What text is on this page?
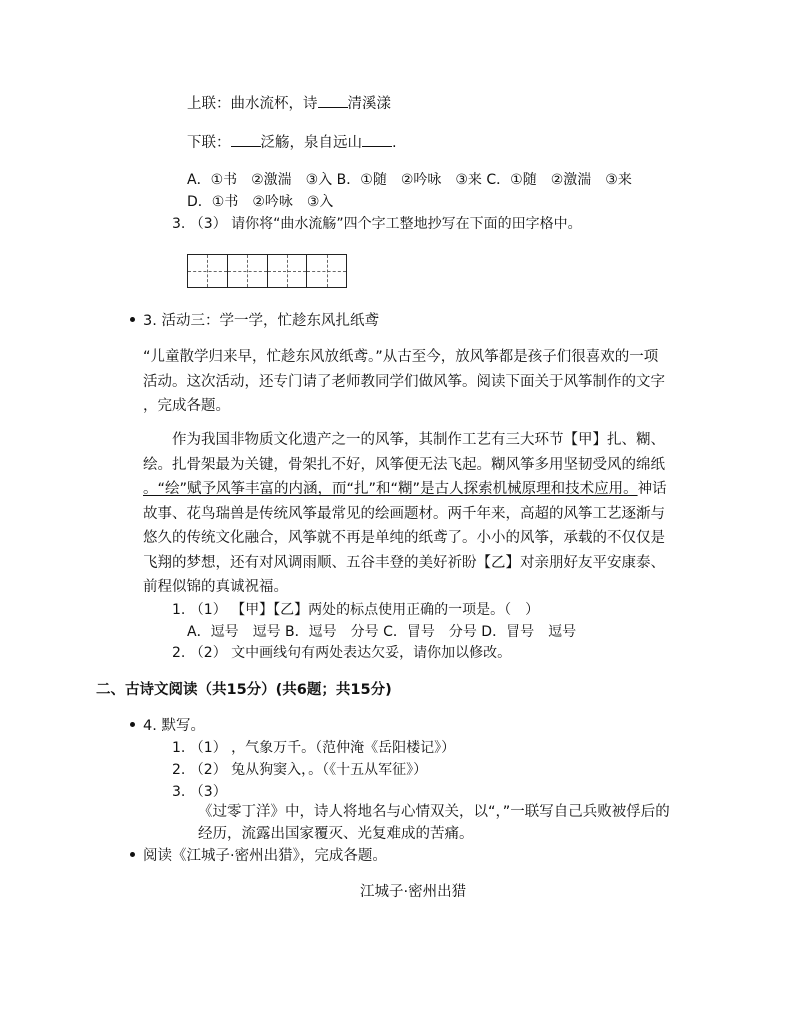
上联：曲水流杯，诗 清溪漾
下联： 泛觞，泉自远山 .
A．①书　②激湍　③入 B．①随　②吟咏　③来 C．①随　②激湍　③来
D．①书　②吟咏　③入
3. （3） 请你将“曲水流觞”四个字工整地抄写在下面的田字格中。
3. 活动三：学一学，忙趁东风扎纸鸢

“儿童散学归来早，忙趁东风放纸鸢。”从古至今，放风筝都是孩子们很喜欢的一项

活动。这次活动，还专门请了老师教同学们做风筝。阅读下面关于风筝制作的文字

，完成各题。

　　作为我国非物质文化遗产之一的风筝，其制作工艺有三大环节【甲】扎、糊、

绘。扎骨架最为关键，骨架扎不好，风筝便无法飞起。糊风筝多用坚韧受风的绵纸

。“绘”赋予风筝丰富的内涵，而“扎”和“糊”是古人探索机械原理和技术应用。神话

故事、花鸟瑞兽是传统风筝最常见的绘画题材。两千年来，高超的风筝工艺逐渐与

悠久的传统文化融合，风筝就不再是单纯的纸鸢了。小小的风筝，承载的不仅仅是

飞翔的梦想，还有对风调雨顺、五谷丰登的美好祈盼【乙】对亲朋好友平安康泰、

前程似锦的真诚祝福。

1. （1） 【甲】【乙】两处的标点使用正确的一项是。（　）
A．逗号　逗号 B．逗号　分号 C．冒号　分号 D．冒号　逗号
2. （2） 文中画线句有两处表达欠妥，请你加以修改。
二、古诗文阅读（共15分）(共6题；共15分)
4. 默写。
1. （1） ，气象万千。（范仲淹《岳阳楼记》）
2. （2） 兔从狗窦入，。（《十五从军征》）
3. （3）
《过零丁洋》中，诗人将地名与心情双关，以“，”一联写自己兵败被俘后的
经历，流露出国家覆灭、光复难成的苦痛。
阅读《江城子·密州出猎》，完成各题。
江城子·密州出猎
